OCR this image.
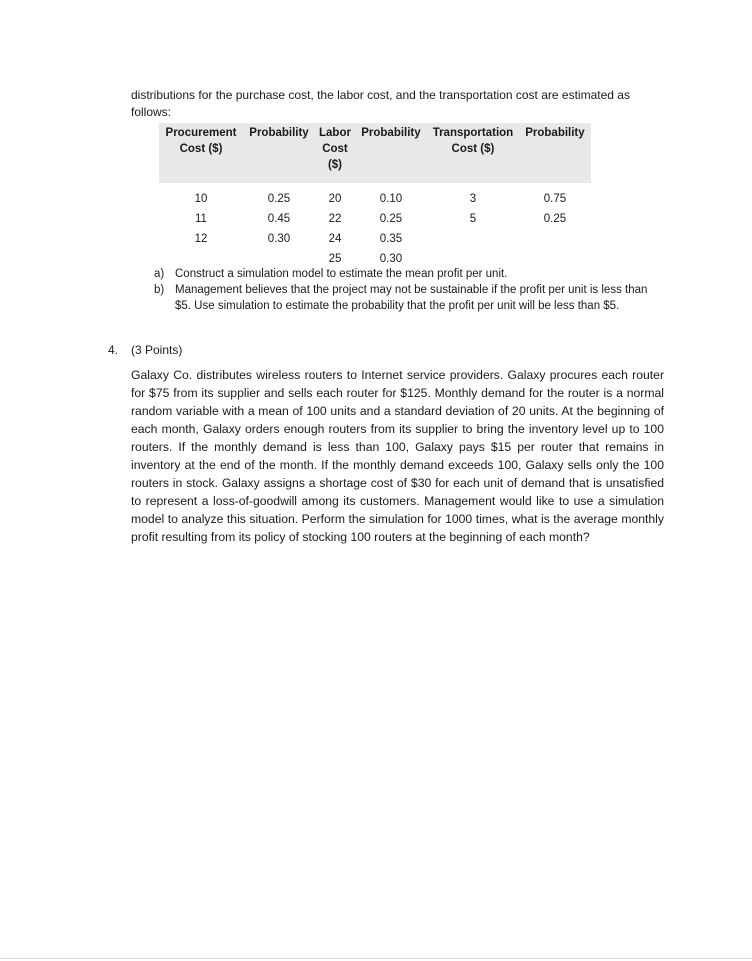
distributions for the purchase cost, the labor cost, and the transportation cost are estimated as follows:
Procurement Cost ($)	Probability	Labor Cost ($)	Probability	Transportation Cost ($)	Probability
10	0.25	20	0.10	3	0.75
11	0.45	22	0.25	5	0.25
12	0.30	24	0.35		
		25	0.30		
a) Construct a simulation model to estimate the mean profit per unit.
b) Management believes that the project may not be sustainable if the profit per unit is less than $5. Use simulation to estimate the probability that the profit per unit will be less than $5.
4. (3 Points)

Galaxy Co. distributes wireless routers to Internet service providers. Galaxy procures each router for $75 from its supplier and sells each router for $125. Monthly demand for the router is a normal random variable with a mean of 100 units and a standard deviation of 20 units. At the beginning of each month, Galaxy orders enough routers from its supplier to bring the inventory level up to 100 routers. If the monthly demand is less than 100, Galaxy pays $15 per router that remains in inventory at the end of the month. If the monthly demand exceeds 100, Galaxy sells only the 100 routers in stock. Galaxy assigns a shortage cost of $30 for each unit of demand that is unsatisfied to represent a loss-of-goodwill among its customers. Management would like to use a simulation model to analyze this situation. Perform the simulation for 1000 times, what is the average monthly profit resulting from its policy of stocking 100 routers at the beginning of each month?
